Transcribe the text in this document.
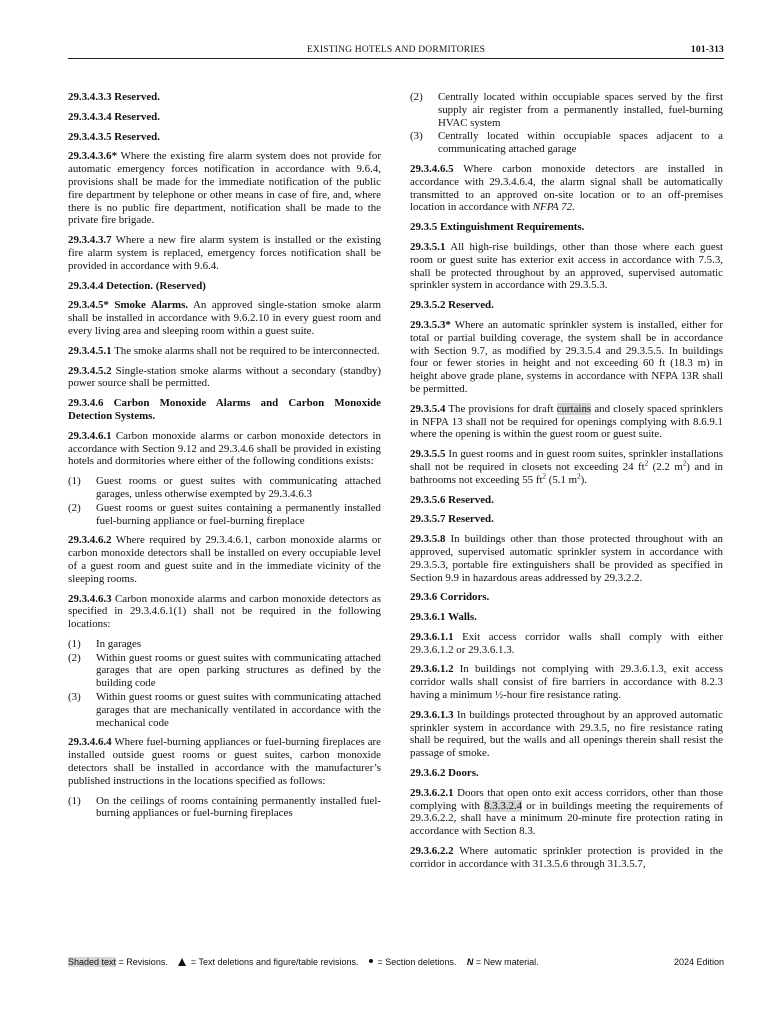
EXISTING HOTELS AND DORMITORIES	101-313

29.3.4.3.3 Reserved.

29.3.4.3.4 Reserved.

29.3.4.3.5 Reserved.

29.3.4.3.6* Where the existing fire alarm system does not provide for automatic emergency forces notification in accordance with 9.6.4, provisions shall be made for the immediate notification of the public fire department by telephone or other means in case of fire, and, where there is no public fire department, notification shall be made to the private fire brigade.

29.3.4.3.7 Where a new fire alarm system is installed or the existing fire alarm system is replaced, emergency forces notification shall be provided in accordance with 9.6.4.

29.3.4.4 Detection. (Reserved)

29.3.4.5* Smoke Alarms. An approved single-station smoke alarm shall be installed in accordance with 9.6.2.10 in every guest room and every living area and sleeping room within a guest suite.

29.3.4.5.1 The smoke alarms shall not be required to be interconnected.

29.3.4.5.2 Single-station smoke alarms without a secondary (standby) power source shall be permitted.

29.3.4.6 Carbon Monoxide Alarms and Carbon Monoxide Detection Systems.

29.3.4.6.1 Carbon monoxide alarms or carbon monoxide detectors in accordance with Section 9.12 and 29.3.4.6 shall be provided in existing hotels and dormitories where either of the following conditions exists:

(1) Guest rooms or guest suites with communicating attached garages, unless otherwise exempted by 29.3.4.6.3
(2) Guest rooms or guest suites containing a permanently installed fuel-burning appliance or fuel-burning fireplace

29.3.4.6.2 Where required by 29.3.4.6.1, carbon monoxide alarms or carbon monoxide detectors shall be installed on every occupiable level of a guest room and guest suite and in the immediate vicinity of the sleeping rooms.

29.3.4.6.3 Carbon monoxide alarms and carbon monoxide detectors as specified in 29.3.4.6.1(1) shall not be required in the following locations:

(1) In garages
(2) Within guest rooms or guest suites with communicating attached garages that are open parking structures as defined by the building code
(3) Within guest rooms or guest suites with communicating attached garages that are mechanically ventilated in accordance with the mechanical code

29.3.4.6.4 Where fuel-burning appliances or fuel-burning fireplaces are installed outside guest rooms or guest suites, carbon monoxide detectors shall be installed in accordance with the manufacturer’s published instructions in the locations specified as follows:

(1) On the ceilings of rooms containing permanently installed fuel-burning appliances or fuel-burning fireplaces
(2) Centrally located within occupiable spaces served by the first supply air register from a permanently installed, fuel-burning HVAC system
(3) Centrally located within occupiable spaces adjacent to a communicating attached garage

29.3.4.6.5 Where carbon monoxide detectors are installed in accordance with 29.3.4.6.4, the alarm signal shall be automatically transmitted to an approved on-site location or to an off-premises location in accordance with NFPA 72.

29.3.5 Extinguishment Requirements.

29.3.5.1 All high-rise buildings, other than those where each guest room or guest suite has exterior exit access in accordance with 7.5.3, shall be protected throughout by an approved, supervised automatic sprinkler system in accordance with 29.3.5.3.

29.3.5.2 Reserved.

29.3.5.3* Where an automatic sprinkler system is installed, either for total or partial building coverage, the system shall be in accordance with Section 9.7, as modified by 29.3.5.4 and 29.3.5.5. In buildings four or fewer stories in height and not exceeding 60 ft (18.3 m) in height above grade plane, systems in accordance with NFPA 13R shall be permitted.

29.3.5.4 The provisions for draft curtains and closely spaced sprinklers in NFPA 13 shall not be required for openings complying with 8.6.9.1 where the opening is within the guest room or guest suite.

29.3.5.5 In guest rooms and in guest room suites, sprinkler installations shall not be required in closets not exceeding 24 $ft^2$ (2.2 $m^2$) and in bathrooms not exceeding 55 $ft^2$ (5.1 $m^2$).

29.3.5.6 Reserved.

29.3.5.7 Reserved.

29.3.5.8 In buildings other than those protected throughout with an approved, supervised automatic sprinkler system in accordance with 29.3.5.3, portable fire extinguishers shall be provided as specified in Section 9.9 in hazardous areas addressed by 29.3.2.2.

29.3.6 Corridors.

29.3.6.1 Walls.

29.3.6.1.1 Exit access corridor walls shall comply with either 29.3.6.1.2 or 29.3.6.1.3.

29.3.6.1.2 In buildings not complying with 29.3.6.1.3, exit access corridor walls shall consist of fire barriers in accordance with 8.2.3 having a minimum ½-hour fire resistance rating.

29.3.6.1.3 In buildings protected throughout by an approved automatic sprinkler system in accordance with 29.3.5, no fire resistance rating shall be required, but the walls and all openings therein shall resist the passage of smoke.

29.3.6.2 Doors.

29.3.6.2.1 Doors that open onto exit access corridors, other than those complying with 8.3.3.2.4 or in buildings meeting the requirements of 29.3.6.2.2, shall have a minimum 20-minute fire protection rating in accordance with Section 8.3.

29.3.6.2.2 Where automatic sprinkler protection is provided in the corridor in accordance with 31.3.5.6 through 31.3.5.7,

Shaded text = Revisions.  = Text deletions and figure/table revisions.  = Section deletions. N = New material.	2024 Edition
